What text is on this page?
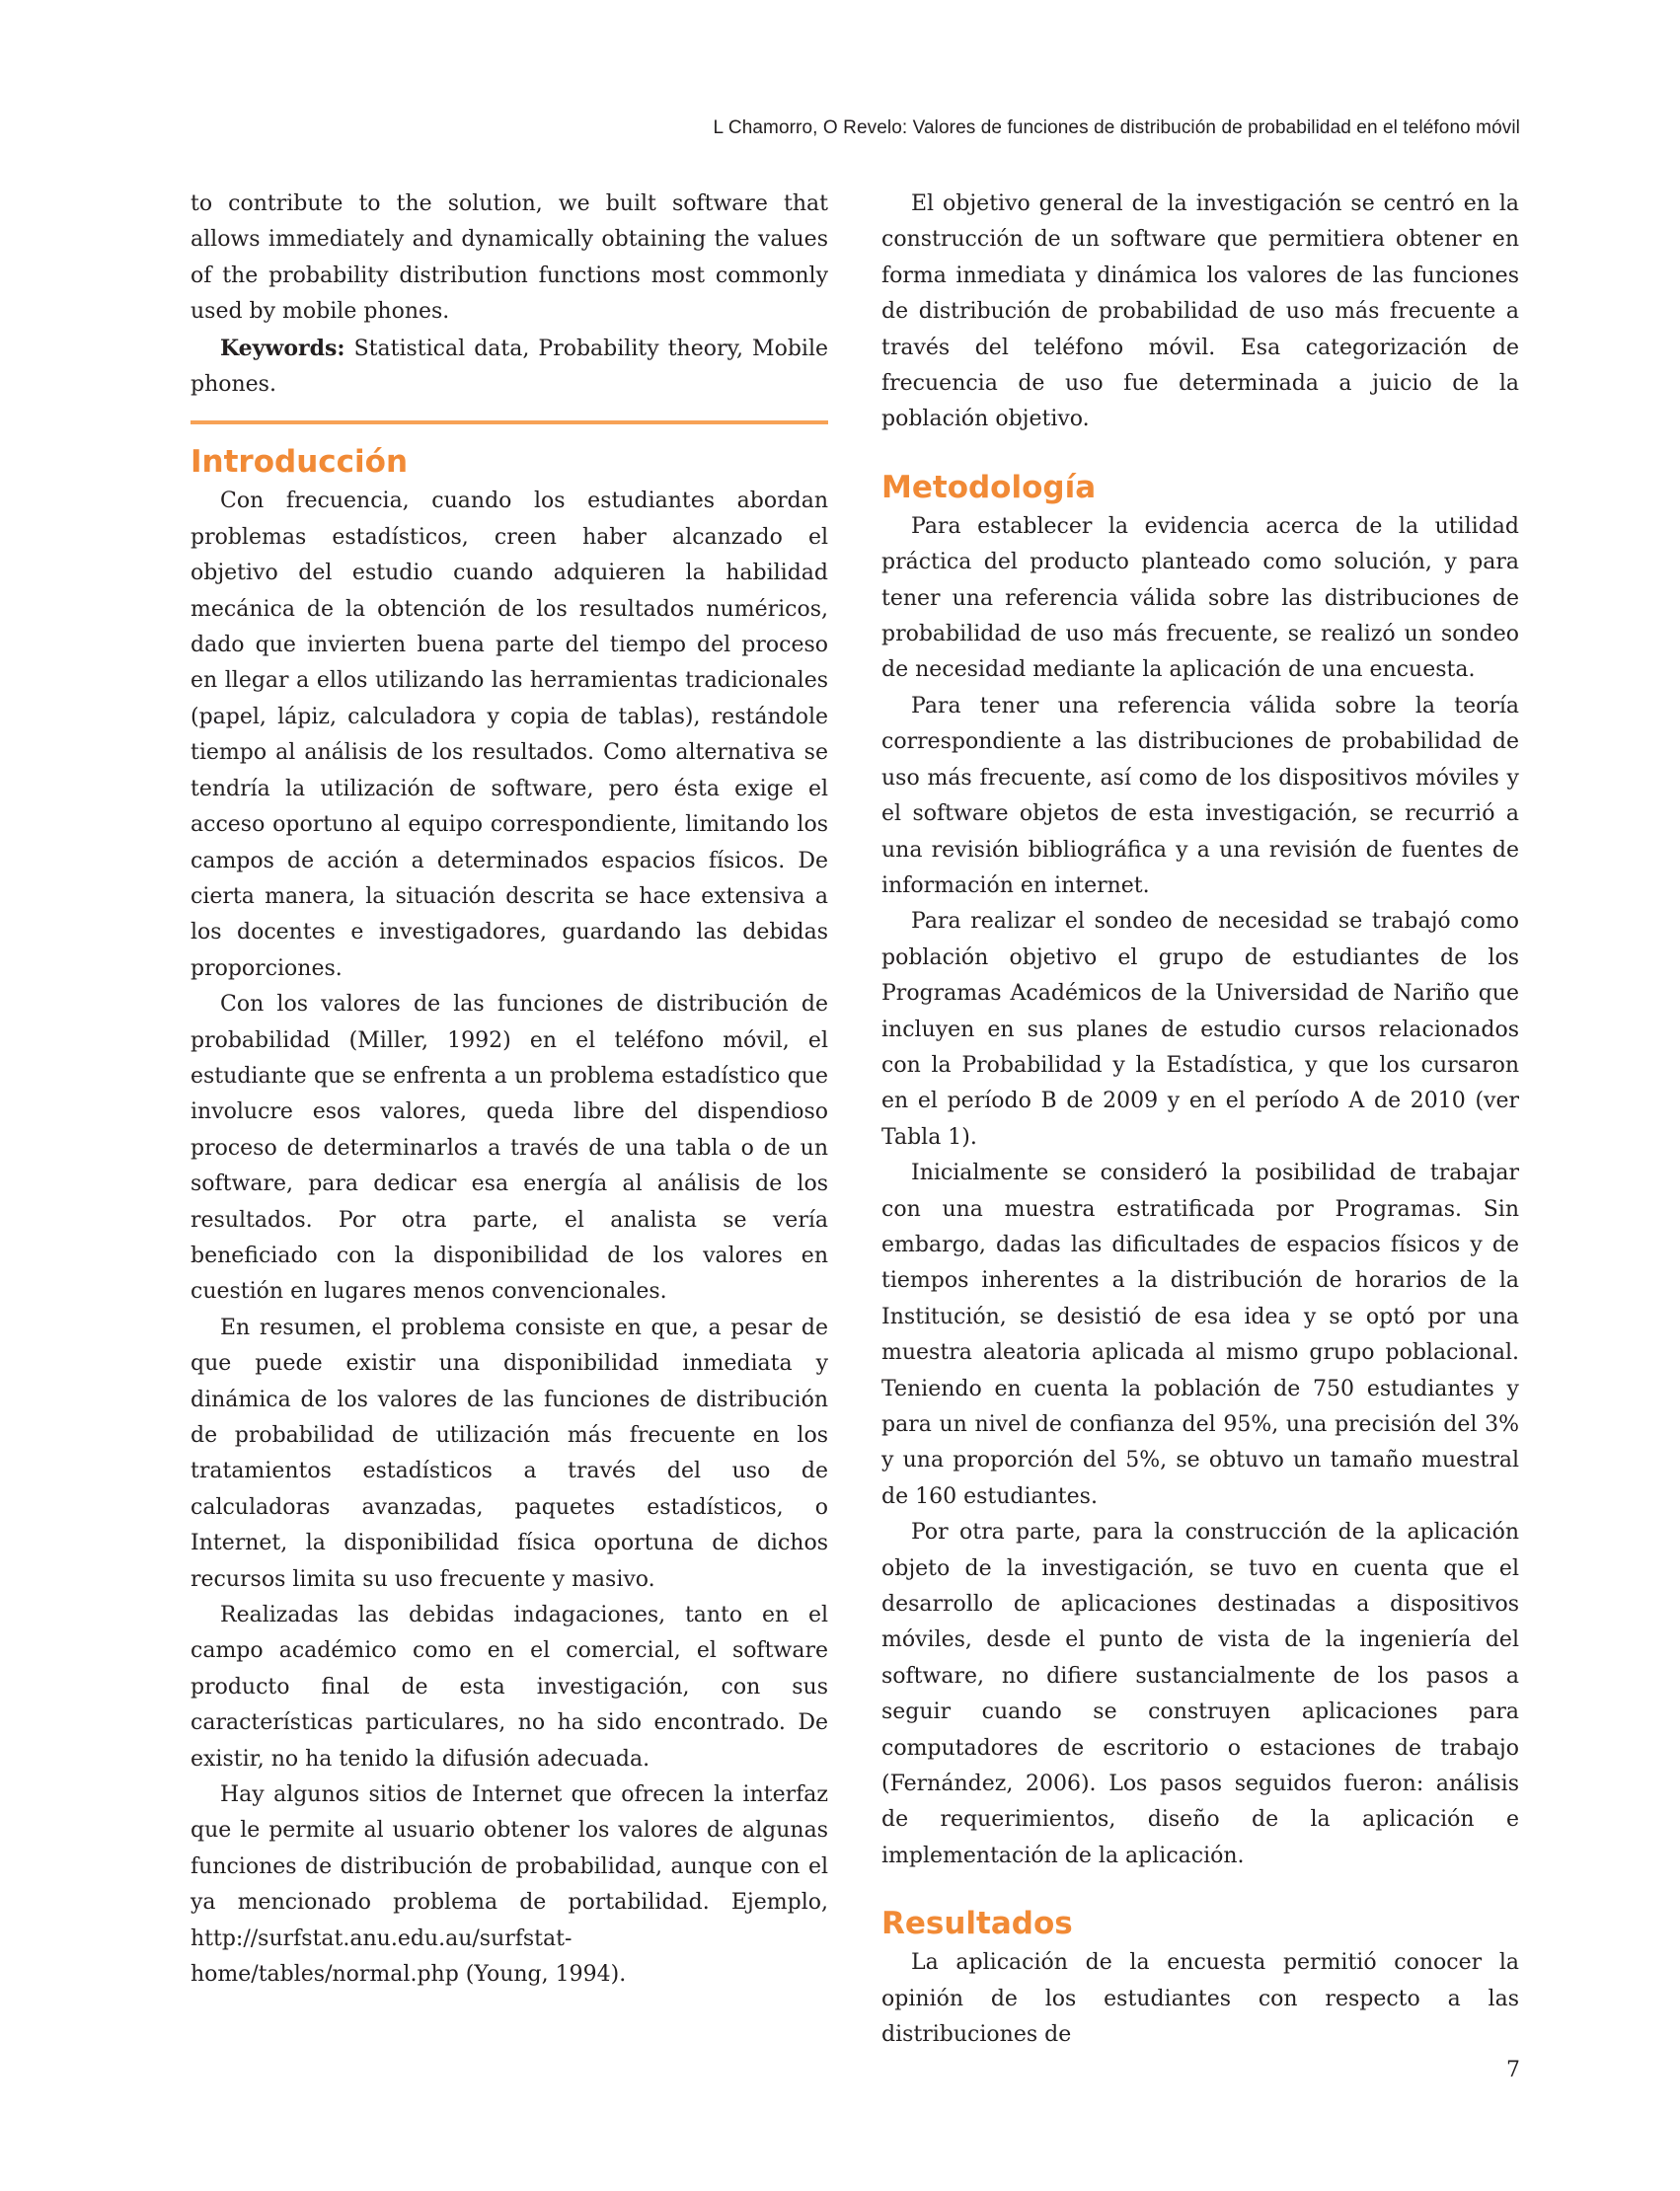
L Chamorro, O Revelo: Valores de funciones de distribución de probabilidad en el teléfono móvil

to contribute to the solution, we built software that allows immediately and dynamically obtaining the values of the probability distribution functions most commonly used by mobile phones.

Keywords: Statistical data, Probability theory, Mobile phones.

Introducción

Con frecuencia, cuando los estudiantes abordan problemas estadísticos, creen haber alcanzado el objetivo del estudio cuando adquieren la habilidad mecánica de la obtención de los resultados numéricos, dado que invierten buena parte del tiempo del proceso en llegar a ellos utilizando las herramientas tradicionales (papel, lápiz, calculadora y copia de tablas), restándole tiempo al análisis de los resultados. Como alternativa se tendría la utilización de software, pero ésta exige el acceso oportuno al equipo correspondiente, limitando los campos de acción a determinados espacios físicos. De cierta manera, la situación descrita se hace extensiva a los docentes e investigadores, guardando las debidas proporciones.

Con los valores de las funciones de distribución de probabilidad (Miller, 1992) en el teléfono móvil, el estudiante que se enfrenta a un problema estadístico que involucre esos valores, queda libre del dispendioso proceso de determinarlos a través de una tabla o de un software, para dedicar esa energía al análisis de los resultados. Por otra parte, el analista se vería beneficiado con la disponibilidad de los valores en cuestión en lugares menos convencionales.

En resumen, el problema consiste en que, a pesar de que puede existir una disponibilidad inmediata y dinámica de los valores de las funciones de distribución de probabilidad de utilización más frecuente en los tratamientos estadísticos a través del uso de calculadoras avanzadas, paquetes estadísticos, o Internet, la disponibilidad física oportuna de dichos recursos limita su uso frecuente y masivo.

Realizadas las debidas indagaciones, tanto en el campo académico como en el comercial, el software producto final de esta investigación, con sus características particulares, no ha sido encontrado. De existir, no ha tenido la difusión adecuada.

Hay algunos sitios de Internet que ofrecen la interfaz que le permite al usuario obtener los valores de algunas funciones de distribución de probabilidad, aunque con el ya mencionado problema de portabilidad. Ejemplo, http://surfstat.anu.edu.au/surfstat-home/tables/normal.php (Young, 1994).

El objetivo general de la investigación se centró en la construcción de un software que permitiera obtener en forma inmediata y dinámica los valores de las funciones de distribución de probabilidad de uso más frecuente a través del teléfono móvil. Esa categorización de frecuencia de uso fue determinada a juicio de la población objetivo.

Metodología

Para establecer la evidencia acerca de la utilidad práctica del producto planteado como solución, y para tener una referencia válida sobre las distribuciones de probabilidad de uso más frecuente, se realizó un sondeo de necesidad mediante la aplicación de una encuesta.

Para tener una referencia válida sobre la teoría correspondiente a las distribuciones de probabilidad de uso más frecuente, así como de los dispositivos móviles y el software objetos de esta investigación, se recurrió a una revisión bibliográfica y a una revisión de fuentes de información en internet.

Para realizar el sondeo de necesidad se trabajó como población objetivo el grupo de estudiantes de los Programas Académicos de la Universidad de Nariño que incluyen en sus planes de estudio cursos relacionados con la Probabilidad y la Estadística, y que los cursaron en el período B de 2009 y en el período A de 2010 (ver Tabla 1).

Inicialmente se consideró la posibilidad de trabajar con una muestra estratificada por Programas. Sin embargo, dadas las dificultades de espacios físicos y de tiempos inherentes a la distribución de horarios de la Institución, se desistió de esa idea y se optó por una muestra aleatoria aplicada al mismo grupo poblacional. Teniendo en cuenta la población de 750 estudiantes y para un nivel de confianza del 95%, una precisión del 3% y una proporción del 5%, se obtuvo un tamaño muestral de 160 estudiantes.

Por otra parte, para la construcción de la aplicación objeto de la investigación, se tuvo en cuenta que el desarrollo de aplicaciones destinadas a dispositivos móviles, desde el punto de vista de la ingeniería del software, no difiere sustancialmente de los pasos a seguir cuando se construyen aplicaciones para computadores de escritorio o estaciones de trabajo (Fernández, 2006). Los pasos seguidos fueron: análisis de requerimientos, diseño de la aplicación e implementación de la aplicación.

Resultados

La aplicación de la encuesta permitió conocer la opinión de los estudiantes con respecto a las distribuciones de

7
